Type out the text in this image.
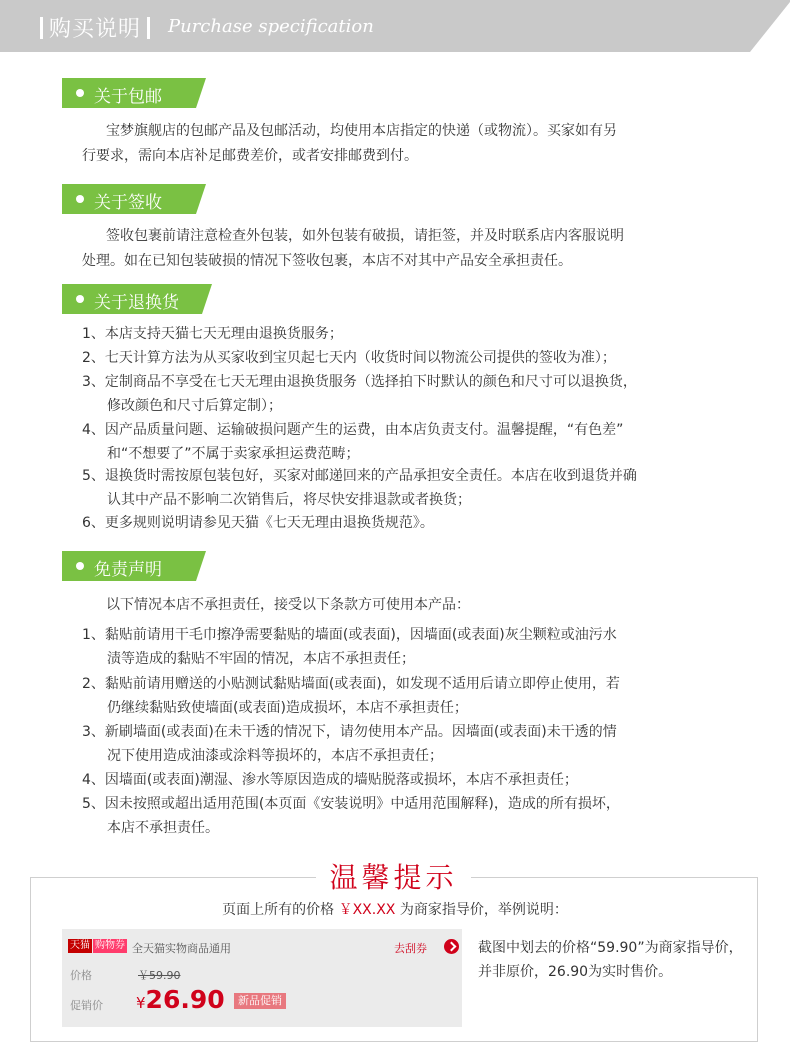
购买说明	Purchase specification
关于包邮
宝梦旗舰店的包邮产品及包邮活动，均使用本店指定的快递（或物流）。买家如有另
行要求，需向本店补足邮费差价，或者安排邮费到付。
关于签收
签收包裹前请注意检查外包装，如外包装有破损，请拒签，并及时联系店内客服说明
处理。如在已知包装破损的情况下签收包裹，本店不对其中产品安全承担责任。
关于退换货
1、本店支持天猫七天无理由退换货服务；
2、七天计算方法为从买家收到宝贝起七天内（收货时间以物流公司提供的签收为准）；
3、定制商品不享受在七天无理由退换货服务（选择拍下时默认的颜色和尺寸可以退换货，
修改颜色和尺寸后算定制）；
4、因产品质量问题、运输破损问题产生的运费，由本店负责支付。温馨提醒，“有色差”
和“不想要了”不属于卖家承担运费范畴；
5、退换货时需按原包装包好，买家对邮递回来的产品承担安全责任。本店在收到退货并确
认其中产品不影响二次销售后，将尽快安排退款或者换货；
6、更多规则说明请参见天猫《七天无理由退换货规范》。
免责声明
以下情况本店不承担责任，接受以下条款方可使用本产品：
1、黏贴前请用干毛巾擦净需要黏贴的墙面(或表面)，因墙面(或表面)灰尘颗粒或油污水
渍等造成的黏贴不牢固的情况，本店不承担责任；
2、黏贴前请用赠送的小贴测试黏贴墙面(或表面)，如发现不适用后请立即停止使用，若
仍继续黏贴致使墙面(或表面)造成损坏，本店不承担责任；
3、新刷墙面(或表面)在未干透的情况下，请勿使用本产品。因墙面(或表面)未干透的情
况下使用造成油漆或涂料等损坏的，本店不承担责任；
4、因墙面(或表面)潮湿、渗水等原因造成的墙贴脱落或损坏，本店不承担责任；
5、因未按照或超出适用范围(本页面《安装说明》中适用范围解释)，造成的所有损坏，
本店不承担责任。
温馨提示
页面上所有的价格 ￥XX.XX 为商家指导价，举例说明：
天猫 购物券 全天猫实物商品通用	去刮券
价格	￥59.90
促销价 ¥26.90	新品促销
截图中划去的价格“59.90”为商家指导价，并非原价，26.90为实时售价。
